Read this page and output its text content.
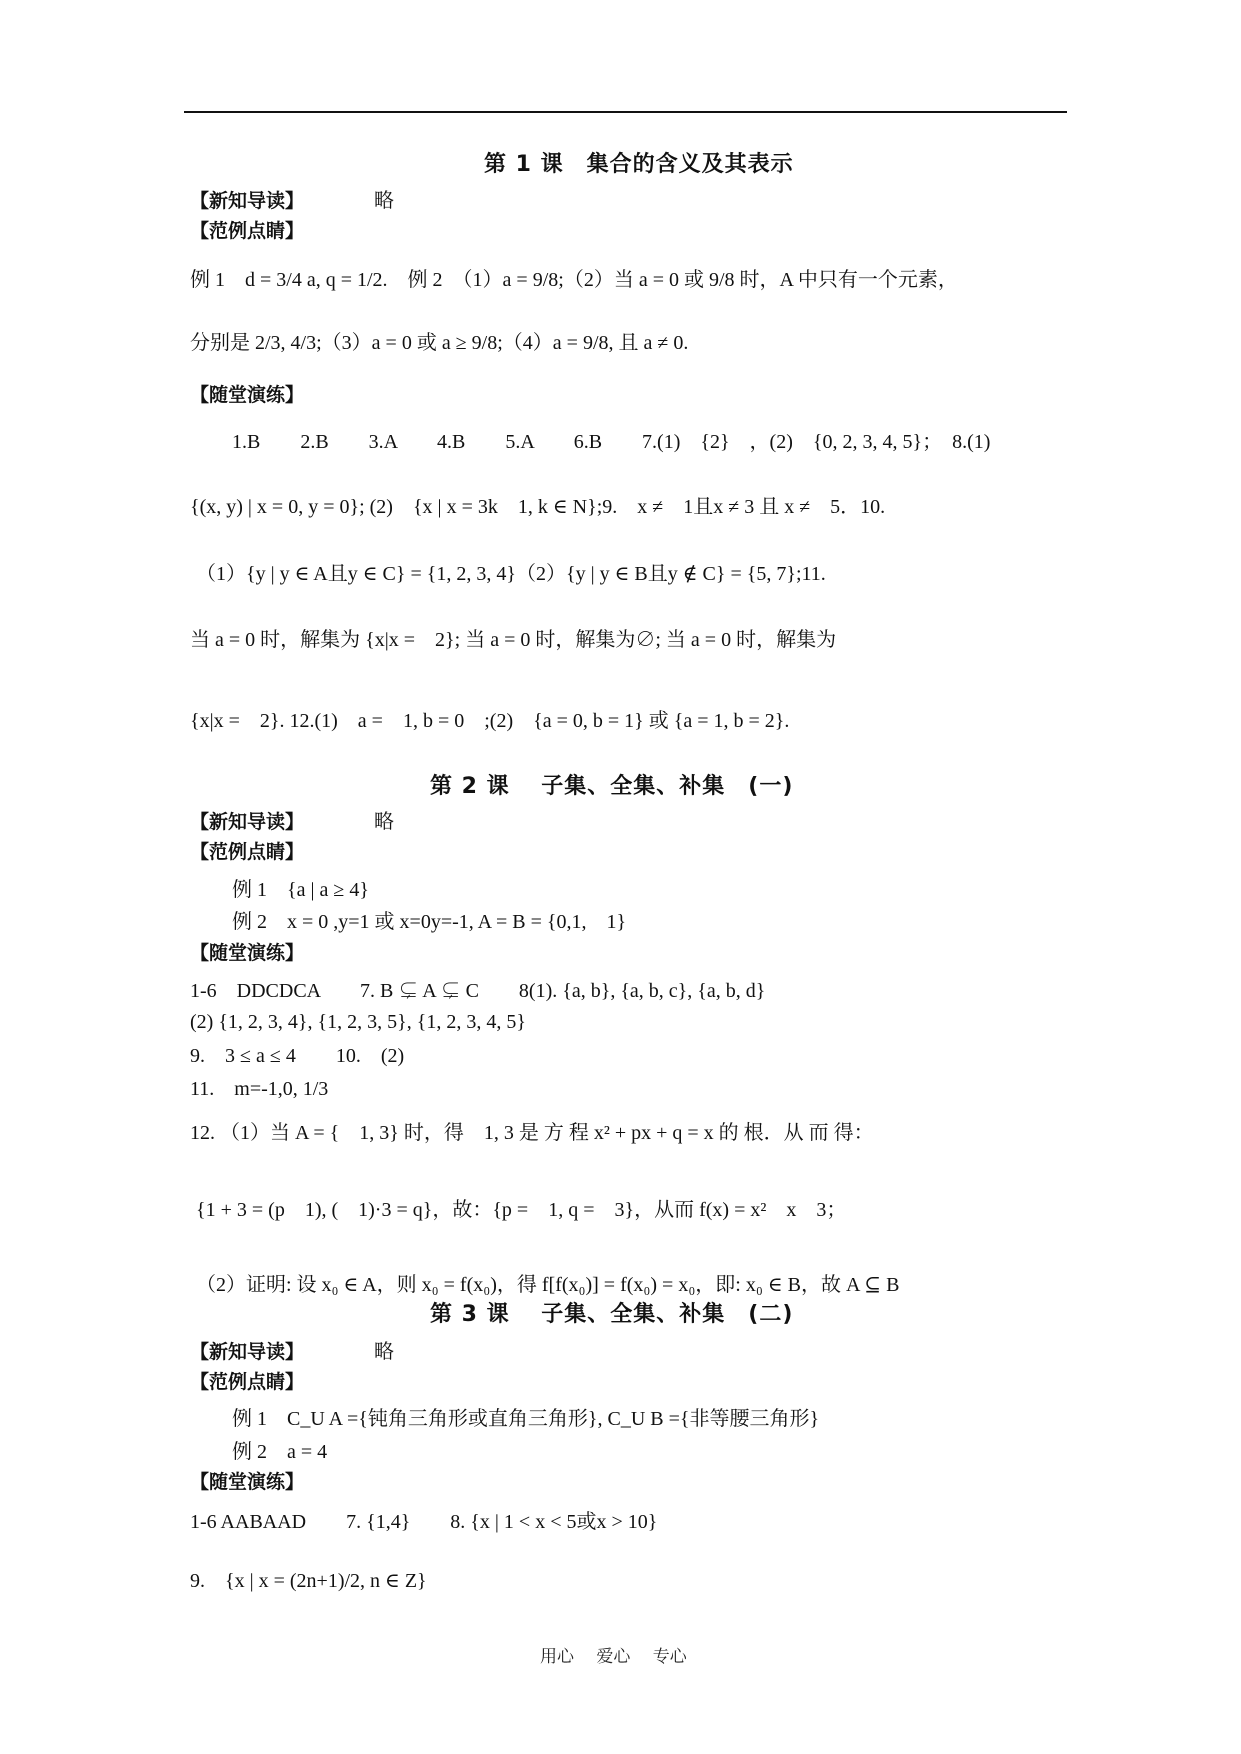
第 1 课　集合的含义及其表示
【新知导读】	略
【范例点睛】
例 1　d = 3/4 a, q = 1/2.　例 2　（1）a = 9/8;（2）当 a = 0 或 9/8 时，A 中只有一个元素，
分别是 2/3, 4/3;（3）a = 0 或 a ≥ 9/8;（4）a = 9/8, 且 a ≠ 0.
【随堂演练】
1.B　　2.B　　3.A　　4.B　　5.A　　6.B　　7.(1)　{2}　，(2)　{0, 2, 3, 4, 5}；　8.(1)
{(x, y) | x = 0, y = 0}; (2)　{x | x = 3k　1, k ∈ N};9.　x ≠　1且x ≠ 3 且 x ≠　5．10.
（1）{y | y ∈ A且y ∈ C} = {1, 2, 3, 4}（2）{y | y ∈ B且y ∉ C} = {5, 7};11.
当 a = 0 时，解集为 {x|x =　2}; 当 a = 0 时，解集为∅; 当 a = 0 时，解集为
{x|x =　2}. 12.(1)　a =　1, b = 0　;(2)　{a = 0, b = 1} 或 {a = 1, b = 2}.
第 2 课　 子集、全集、补集　(一)
【新知导读】	略
【范例点睛】
例 1　{a | a ≥ 4}
例 2　x = 0 ,y=1 或 x=0y=-1, A = B = {0,1,　1}
【随堂演练】
1-6　DDCDCA　　7. B ⊊ A ⊊ C　　8(1). {a, b}, {a, b, c}, {a, b, d}
(2) {1, 2, 3, 4}, {1, 2, 3, 5}, {1, 2, 3, 4, 5}
9.　3 ≤ a ≤ 4　　10.　(2)
11.　m=-1,0, 1/3
12. （1）当 A = {　1, 3} 时，得　1, 3 是 方 程 x² + px + q = x 的 根．从 而 得：
{1 + 3 = (p　1), (　1)·3 = q}，故：{p =　1, q =　3}，从而 f(x) = x²　x　3；
（2）证明: 设 x₀ ∈ A，则 x₀ = f(x₀)，得 f[f(x₀)] = f(x₀) = x₀，即: x₀ ∈ B，故 A ⊆ B
第 3 课　 子集、全集、补集　(二)
【新知导读】	略
【范例点睛】
例 1　C_U A ={钝角三角形或直角三角形}, C_U B ={非等腰三角形}
例 2　a = 4
【随堂演练】
1-6 AABAAD　　7. {1,4}　　8. {x | 1 < x < 5或x > 10}
9.　{x | x = (2n+1)/2, n ∈ Z}
用心　 爱心　 专心
